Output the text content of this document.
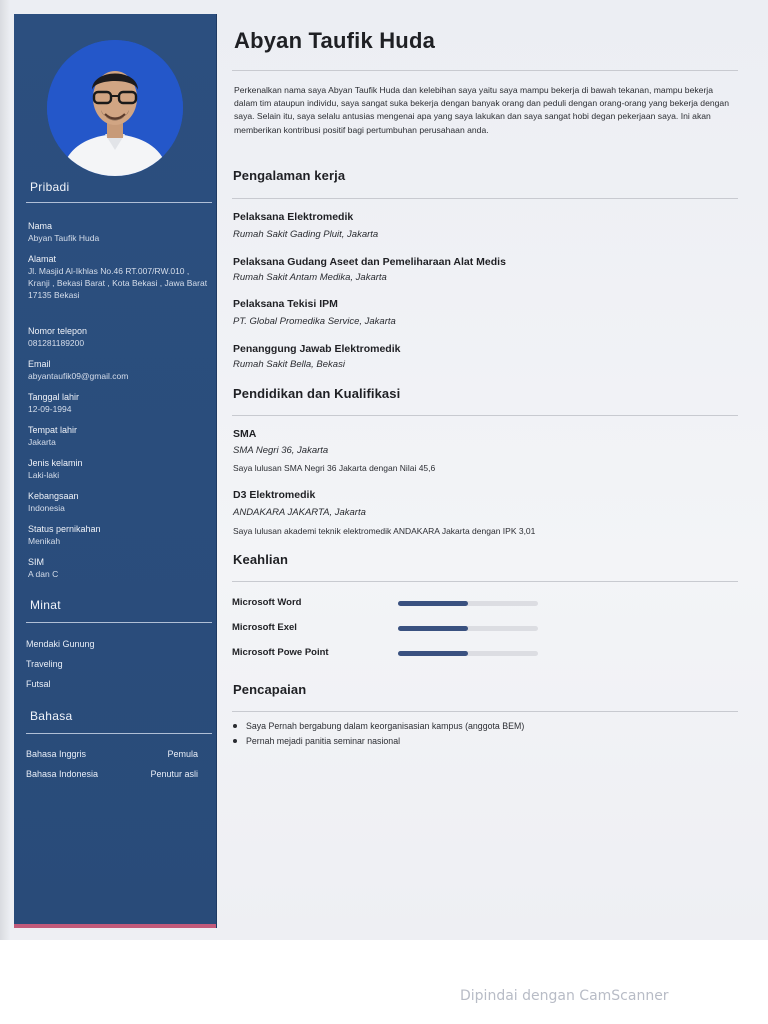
Pribadi
Nama
Abyan Taufik Huda
Alamat
Jl. Masjid Al-Ikhlas No.46 RT.007/RW.010 , Kranji , Bekasi Barat , Kota Bekasi , Jawa Barat 17135 Bekasi
Nomor telepon
081281189200
Email
abyantaufik09@gmail.com
Tanggal lahir
12-09-1994
Tempat lahir
Jakarta
Jenis kelamin
Laki-laki
Kebangsaan
Indonesia
Status pernikahan
Menikah
SIM
A dan C
Minat
Mendaki Gunung
Traveling
Futsal
Bahasa
Bahasa Inggris	Pemula
Bahasa Indonesia	Penutur asli
Abyan Taufik Huda
Perkenalkan nama saya Abyan Taufik Huda dan kelebihan saya yaitu saya mampu bekerja di bawah tekanan, mampu bekerja dalam tim ataupun individu, saya sangat suka bekerja dengan banyak orang dan peduli dengan orang-orang yang bekerja dengan saya. Selain itu, saya selalu antusias mengenai apa yang saya lakukan dan saya sangat hobi degan pekerjaan saya. Ini akan memberikan kontribusi positif bagi pertumbuhan perusahaan anda.
Pengalaman kerja
Pelaksana Elektromedik
Rumah Sakit Gading Pluit, Jakarta
Pelaksana Gudang Aseet dan Pemeliharaan Alat Medis
Rumah Sakit Antam Medika, Jakarta
Pelaksana Tekisi IPM
PT. Global Promedika Service, Jakarta
Penanggung Jawab Elektromedik
Rumah Sakit Bella, Bekasi
Pendidikan dan Kualifikasi
SMA
SMA Negri 36, Jakarta
Saya lulusan SMA Negri 36 Jakarta dengan Nilai 45,6
D3 Elektromedik
ANDAKARA JAKARTA, Jakarta
Saya lulusan akademi teknik elektromedik ANDAKARA Jakarta dengan IPK 3,01
Keahlian
Microsoft Word
Microsoft Exel
Microsoft Powe Point
Pencapaian
Saya Pernah bergabung dalam keorganisasian kampus (anggota BEM)
Pernah mejadi panitia seminar nasional
Dipindai dengan CamScanner
